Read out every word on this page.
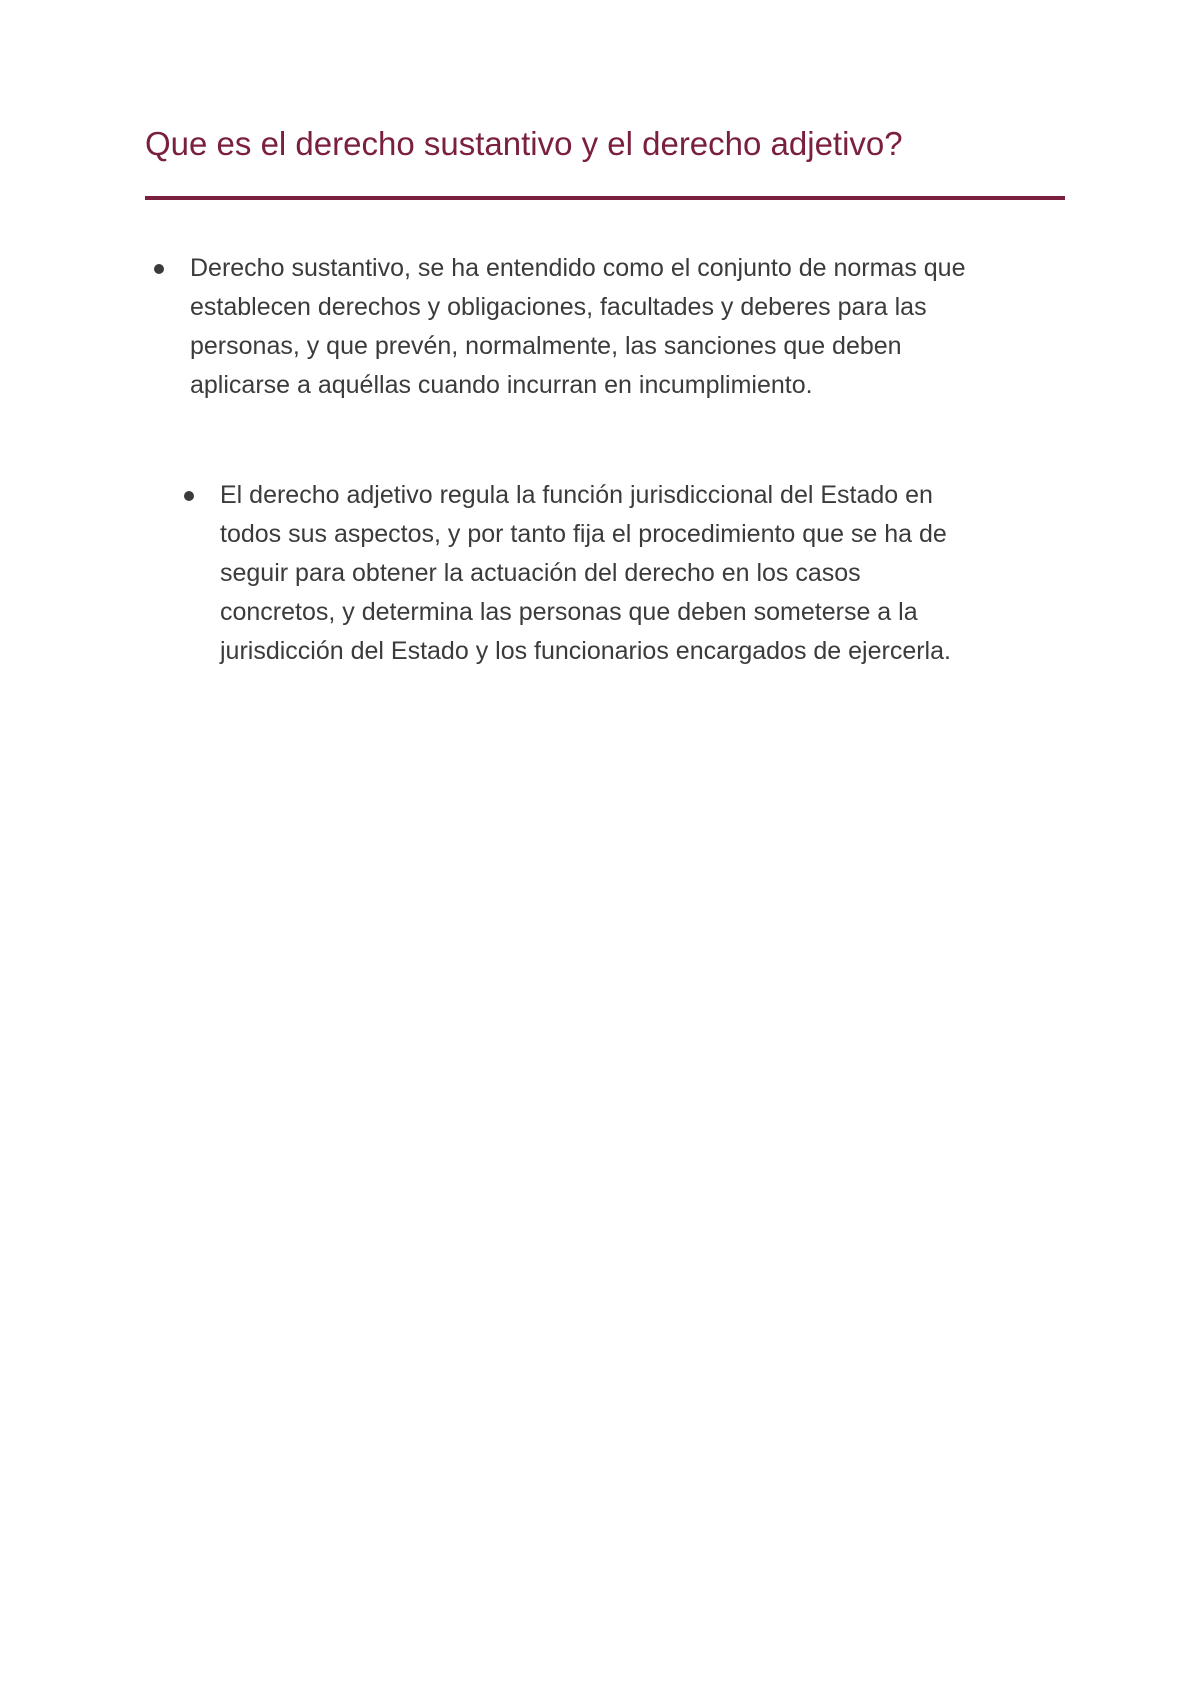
Que es el derecho sustantivo y el derecho adjetivo?
Derecho sustantivo, se ha entendido como el conjunto de normas que
establecen derechos y obligaciones, facultades y deberes para las
personas, y que prevén, normalmente, las sanciones que deben
aplicarse a aquéllas cuando incurran en incumplimiento.
El derecho adjetivo regula la función jurisdiccional del Estado en
todos sus aspectos, y por tanto fija el procedimiento que se ha de
seguir para obtener la actuación del derecho en los casos
concretos, y determina las personas que deben someterse a la
jurisdicción del Estado y los funcionarios encargados de ejercerla.
